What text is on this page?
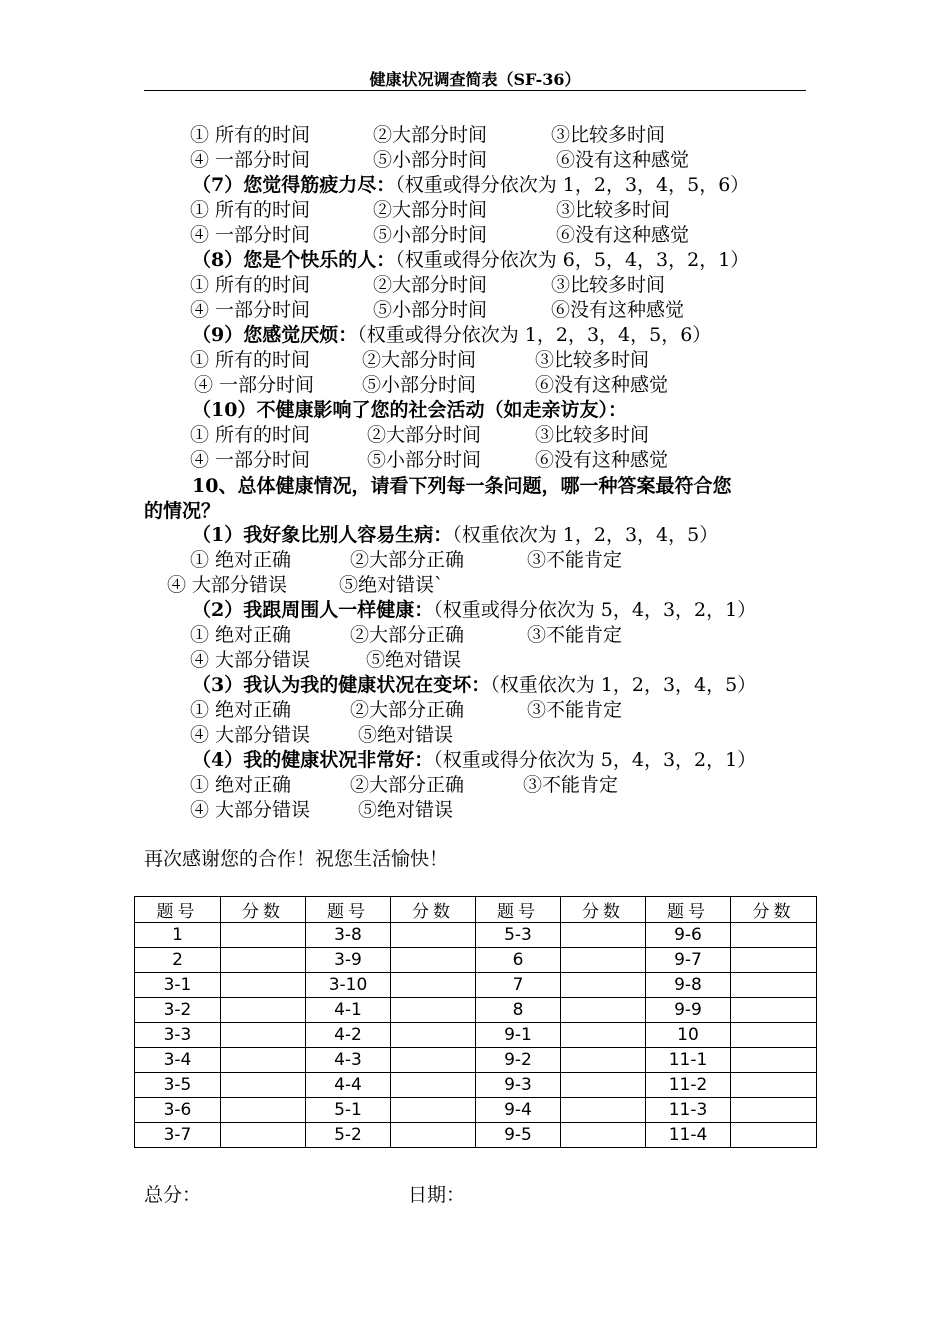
健康状况调查简表（SF-36）
① 所有的时间	②大部分时间	③比较多时间
④ 一部分时间	⑤小部分时间	⑥没有这种感觉
（7）您觉得筋疲力尽：（权重或得分依次为 1，2，3，4，5，6）
① 所有的时间	②大部分时间	③比较多时间
④ 一部分时间	⑤小部分时间	⑥没有这种感觉
（8）您是个快乐的人：（权重或得分依次为 6，5，4，3，2，1）
① 所有的时间	②大部分时间	③比较多时间
④ 一部分时间	⑤小部分时间	⑥没有这种感觉
（9）您感觉厌烦：（权重或得分依次为 1，2，3，4，5，6）
① 所有的时间	②大部分时间	③比较多时间
④ 一部分时间	⑤小部分时间	⑥没有这种感觉
（10）不健康影响了您的社会活动（如走亲访友）：
① 所有的时间	②大部分时间	③比较多时间
④ 一部分时间	⑤小部分时间	⑥没有这种感觉
10、总体健康情况，请看下列每一条问题，哪一种答案最符合您
的情况？
（1）我好象比别人容易生病：（权重依次为 1，2，3，4，5）
① 绝对正确	②大部分正确	③不能肯定
④ 大部分错误	⑤绝对错误`
（2）我跟周围人一样健康：（权重或得分依次为 5，4，3，2，1）
① 绝对正确	②大部分正确	③不能肯定
④ 大部分错误	⑤绝对错误
（3）我认为我的健康状况在变坏：（权重依次为 1，2，3，4，5）
① 绝对正确	②大部分正确	③不能肯定
④ 大部分错误	⑤绝对错误
（4）我的健康状况非常好：（权重或得分依次为 5，4，3，2，1）
① 绝对正确	②大部分正确	③不能肯定
④ 大部分错误	⑤绝对错误
再次感谢您的合作！祝您生活愉快！
题号	分数	题号	分数	题号	分数	题号	分数
1		3-8		5-3		9-6	
2		3-9		6		9-7	
3-1		3-10		7		9-8	
3-2		4-1		8		9-9	
3-3		4-2		9-1		10	
3-4		4-3		9-2		11-1	
3-5		4-4		9-3		11-2	
3-6		5-1		9-4		11-3	
3-7		5-2		9-5		11-4	
总分：	日期：
